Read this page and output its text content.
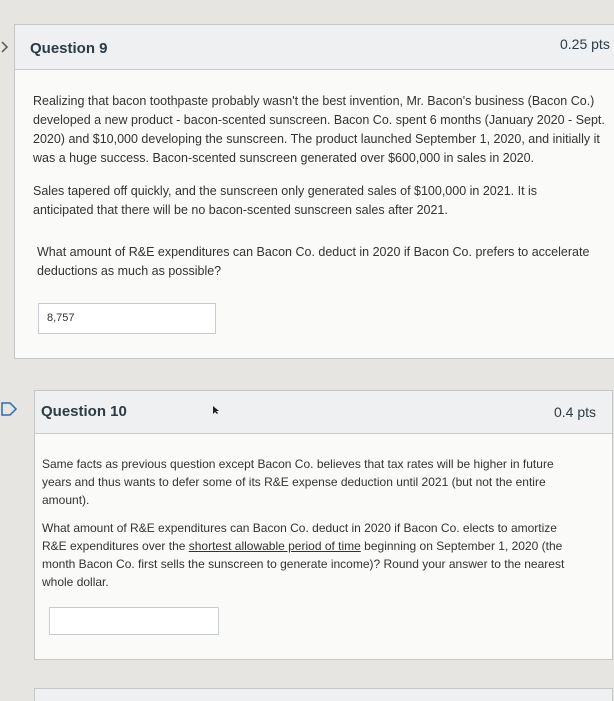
Question 9	0.25 pts

Realizing that bacon toothpaste probably wasn't the best invention, Mr. Bacon's business (Bacon Co.) developed a new product - bacon-scented sunscreen. Bacon Co. spent 6 months (January 2020 - Sept. 2020) and $10,000 developing the sunscreen. The product launched September 1, 2020, and initially it was a huge success. Bacon-scented sunscreen generated over $600,000 in sales in 2020.

Sales tapered off quickly, and the sunscreen only generated sales of $100,000 in 2021. It is anticipated that there will be no bacon-scented sunscreen sales after 2021.

What amount of R&E expenditures can Bacon Co. deduct in 2020 if Bacon Co. prefers to accelerate deductions as much as possible?

8,757
Question 10	0.4 pts

Same facts as previous question except Bacon Co. believes that tax rates will be higher in future years and thus wants to defer some of its R&E expense deduction until 2021 (but not the entire amount).

What amount of R&E expenditures can Bacon Co. deduct in 2020 if Bacon Co. elects to amortize R&E expenditures over the shortest allowable period of time beginning on September 1, 2020 (the month Bacon Co. first sells the sunscreen to generate income)? Round your answer to the nearest whole dollar.
